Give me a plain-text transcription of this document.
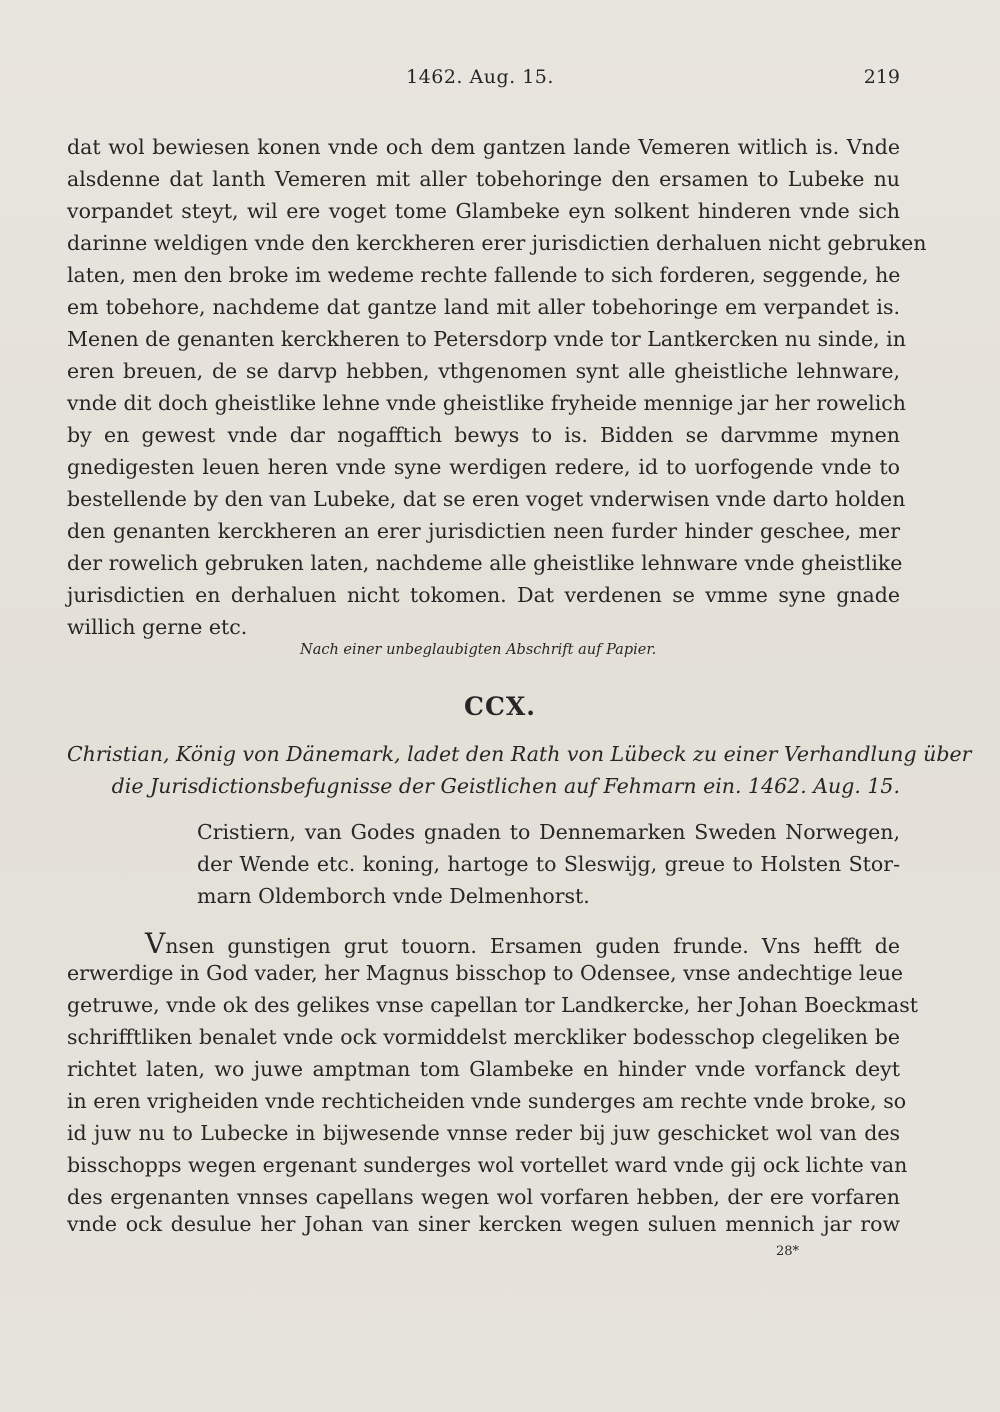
1462. Aug. 15.	219
dat wol bewiesen konen vnde och dem gantzen lande Vemeren witlich is. Vnde
alsdenne dat lanth Vemeren mit aller tobehoringe den ersamen to Lubeke nu
vorpandet steyt, wil ere voget tome Glambeke eyn solkent hinderen vnde sich
darinne weldigen vnde den kerckheren erer jurisdictien derhaluen nicht gebruken
laten, men den broke im wedeme rechte fallende to sich forderen, seggende, he
em tobehore, nachdeme dat gantze land mit aller tobehoringe em verpandet is.
Menen de genanten kerckheren to Petersdorp vnde tor Lantkercken nu sinde, in
eren breuen, de se darvp hebben, vthgenomen synt alle gheistliche lehnware,
vnde dit doch gheistlike lehne vnde gheistlike fryheide mennige jar her rowelich
by en gewest vnde dar nogafftich bewys to is. Bidden se darvmme mynen
gnedigesten leuen heren vnde syne werdigen redere, id to uorfogende vnde to
bestellende by den van Lubeke, dat se eren voget vnderwisen vnde darto holden
den genanten kerckheren an erer jurisdictien neen furder hinder geschee, mer
der rowelich gebruken laten, nachdeme alle gheistlike lehnware vnde gheistlike
jurisdictien en derhaluen nicht tokomen. Dat verdenen se vmme syne gnade
willich gerne etc.
Nach einer unbeglaubigten Abschrift auf Papier.
CCX.
Christian, König von Dänemark, ladet den Rath von Lübeck zu einer Verhandlung über
die Jurisdictionsbefugnisse der Geistlichen auf Fehmarn ein. 1462. Aug. 15.
Cristiern, van Godes gnaden to Dennemarken Sweden Norwegen,
der Wende etc. koning, hartoge to Sleswijg, greue to Holsten Stor-
marn Oldemborch vnde Delmenhorst.
Vnsen gunstigen grut touorn. Ersamen guden frunde. Vns hefft de
erwerdige in God vader, her Magnus bisschop to Odensee, vnse andechtige leue
getruwe, vnde ok des gelikes vnse capellan tor Landkercke, her Johan Boeckmast
schrifftliken benalet vnde ock vormiddelst merckliker bodesschop clegeliken be
richtet laten, wo juwe amptman tom Glambeke en hinder vnde vorfanck deyt
in eren vrigheiden vnde rechticheiden vnde sunderges am rechte vnde broke, so
id juw nu to Lubecke in bijwesende vnnse reder bij juw geschicket wol van des
bisschopps wegen ergenant sunderges wol vortellet ward vnde gij ock lichte van
des ergenanten vnnses capellans wegen wol vorfaren hebben, der ere vorfaren
vnde ock desulue her Johan van siner kercken wegen suluen mennich jar row
28*
